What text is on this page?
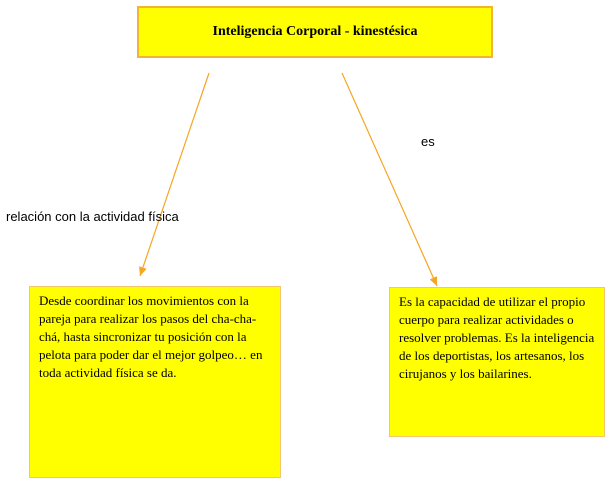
Inteligencia Corporal - kinestésica
es
relación con la actividad física
Desde coordinar los movimientos con la pareja para realizar los pasos del cha-cha-chá, hasta sincronizar tu posición con la pelota para poder dar el mejor golpeo… en toda actividad física se da.
Es la capacidad de utilizar el propio cuerpo para realizar actividades o resolver problemas. Es la inteligencia de los deportistas, los artesanos, los cirujanos y los bailarines.
